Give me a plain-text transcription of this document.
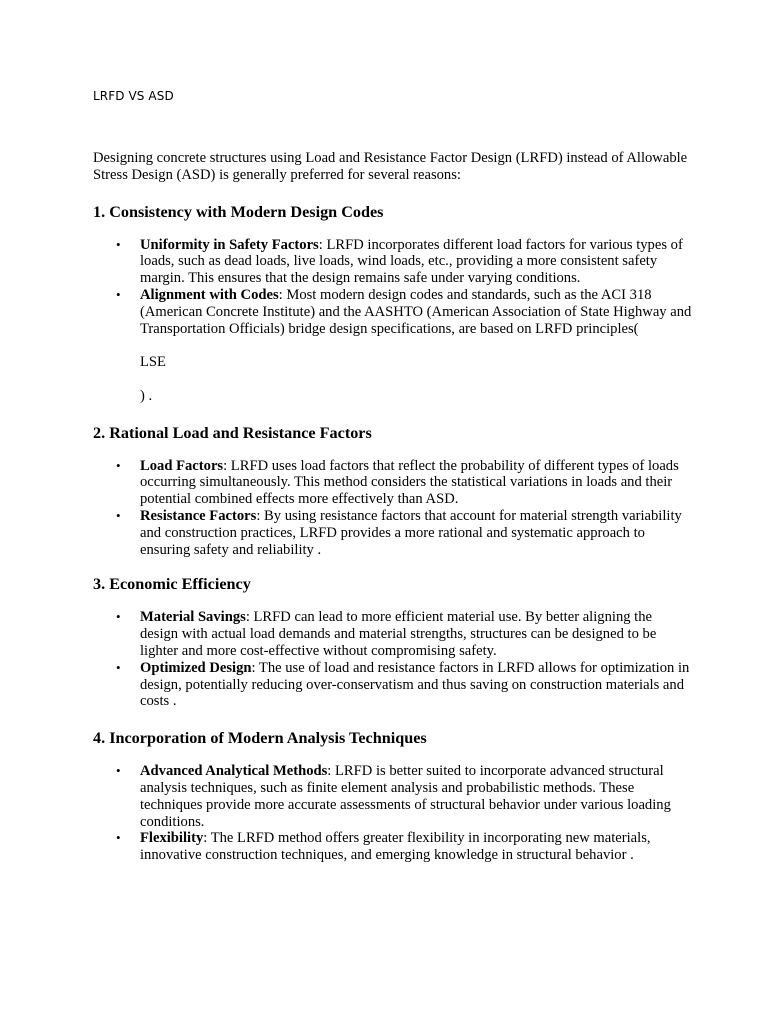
LRFD VS ASD

Designing concrete structures using Load and Resistance Factor Design (LRFD) instead of Allowable Stress Design (ASD) is generally preferred for several reasons:

1. Consistency with Modern Design Codes
• Uniformity in Safety Factors: LRFD incorporates different load factors for various types of loads, such as dead loads, live loads, wind loads, etc., providing a more consistent safety margin. This ensures that the design remains safe under varying conditions.
• Alignment with Codes: Most modern design codes and standards, such as the ACI 318 (American Concrete Institute) and the AASHTO (American Association of State Highway and Transportation Officials) bridge design specifications, are based on LRFD principles(

LSE

) .

2. Rational Load and Resistance Factors
• Load Factors: LRFD uses load factors that reflect the probability of different types of loads occurring simultaneously. This method considers the statistical variations in loads and their potential combined effects more effectively than ASD.
• Resistance Factors: By using resistance factors that account for material strength variability and construction practices, LRFD provides a more rational and systematic approach to ensuring safety and reliability .
3. Economic Efficiency
• Material Savings: LRFD can lead to more efficient material use. By better aligning the design with actual load demands and material strengths, structures can be designed to be lighter and more cost-effective without compromising safety.
• Optimized Design: The use of load and resistance factors in LRFD allows for optimization in design, potentially reducing over-conservatism and thus saving on construction materials and costs .
4. Incorporation of Modern Analysis Techniques
• Advanced Analytical Methods: LRFD is better suited to incorporate advanced structural analysis techniques, such as finite element analysis and probabilistic methods. These techniques provide more accurate assessments of structural behavior under various loading conditions.
• Flexibility: The LRFD method offers greater flexibility in incorporating new materials, innovative construction techniques, and emerging knowledge in structural behavior .
